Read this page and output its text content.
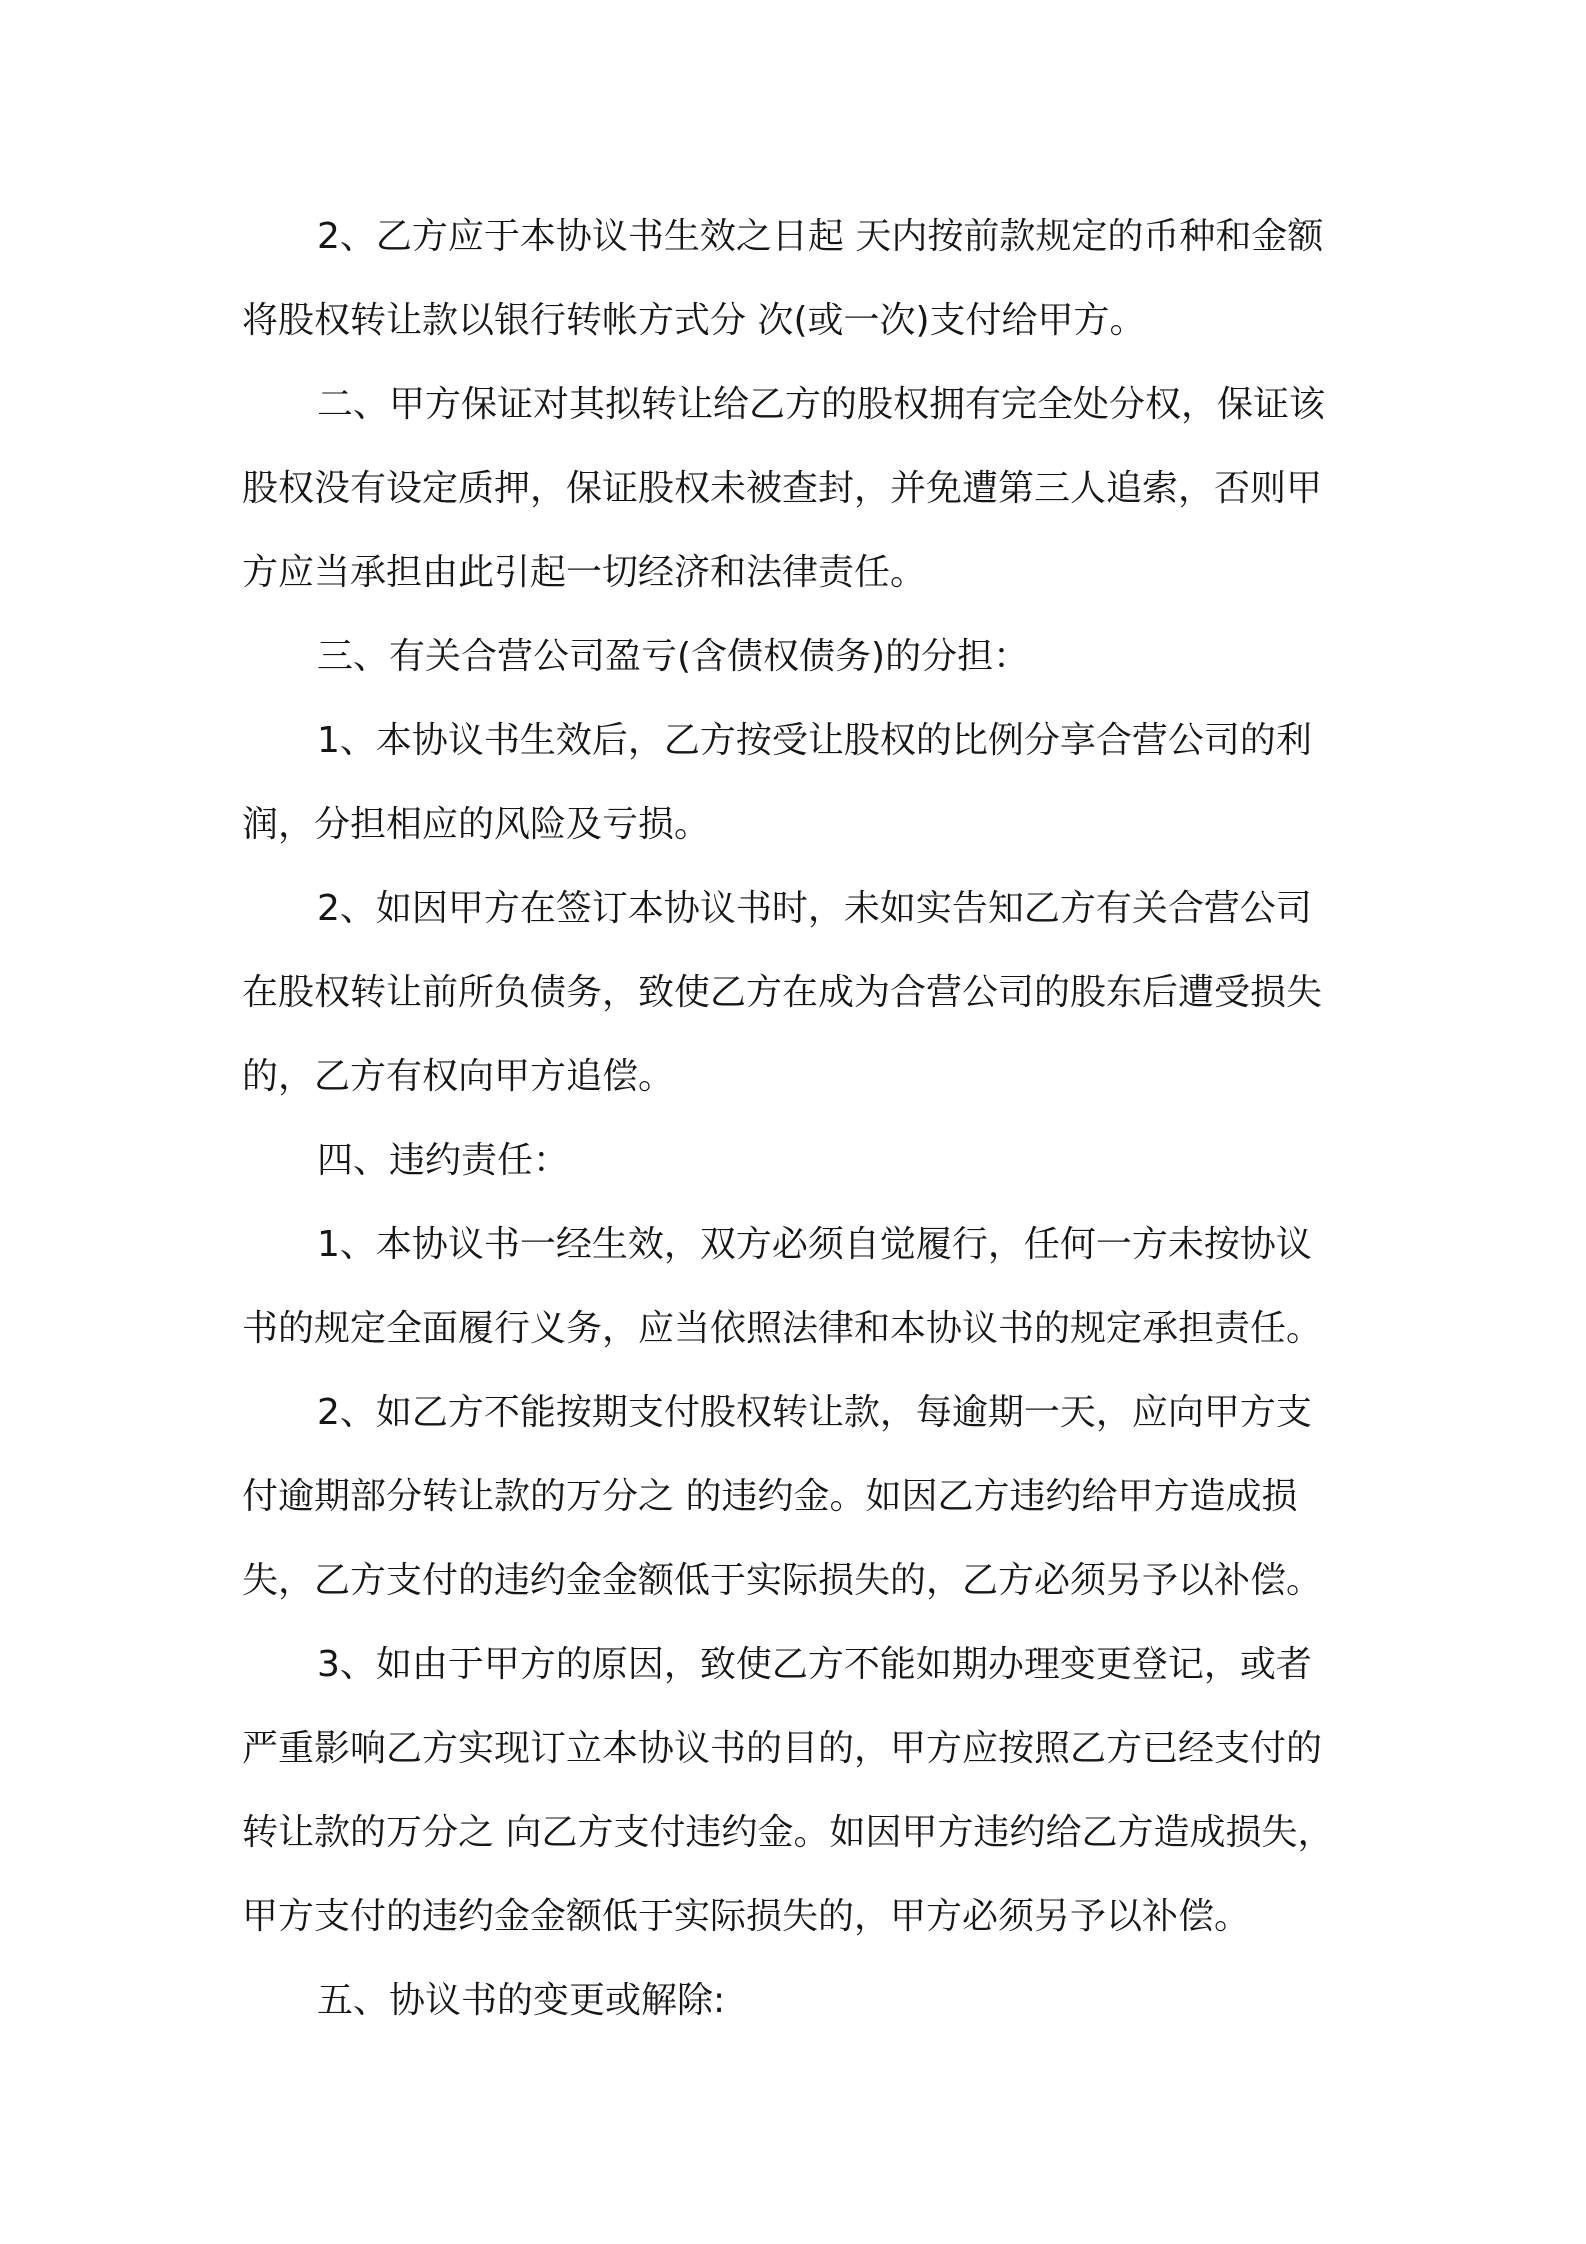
2、乙方应于本协议书生效之日起 天内按前款规定的币种和金额
将股权转让款以银行转帐方式分 次(或一次)支付给甲方。

二、甲方保证对其拟转让给乙方的股权拥有完全处分权，保证该
股权没有设定质押，保证股权未被查封，并免遭第三人追索，否则甲
方应当承担由此引起一切经济和法律责任。

三、有关合营公司盈亏(含债权债务)的分担：

1、本协议书生效后，乙方按受让股权的比例分享合营公司的利
润，分担相应的风险及亏损。

2、如因甲方在签订本协议书时，未如实告知乙方有关合营公司
在股权转让前所负债务，致使乙方在成为合营公司的股东后遭受损失
的，乙方有权向甲方追偿。

四、违约责任：

1、本协议书一经生效，双方必须自觉履行，任何一方未按协议
书的规定全面履行义务，应当依照法律和本协议书的规定承担责任。

2、如乙方不能按期支付股权转让款，每逾期一天，应向甲方支
付逾期部分转让款的万分之 的违约金。如因乙方违约给甲方造成损
失，乙方支付的违约金金额低于实际损失的，乙方必须另予以补偿。

3、如由于甲方的原因，致使乙方不能如期办理变更登记，或者
严重影响乙方实现订立本协议书的目的，甲方应按照乙方已经支付的
转让款的万分之 向乙方支付违约金。如因甲方违约给乙方造成损失，
甲方支付的违约金金额低于实际损失的，甲方必须另予以补偿。

五、协议书的变更或解除:
